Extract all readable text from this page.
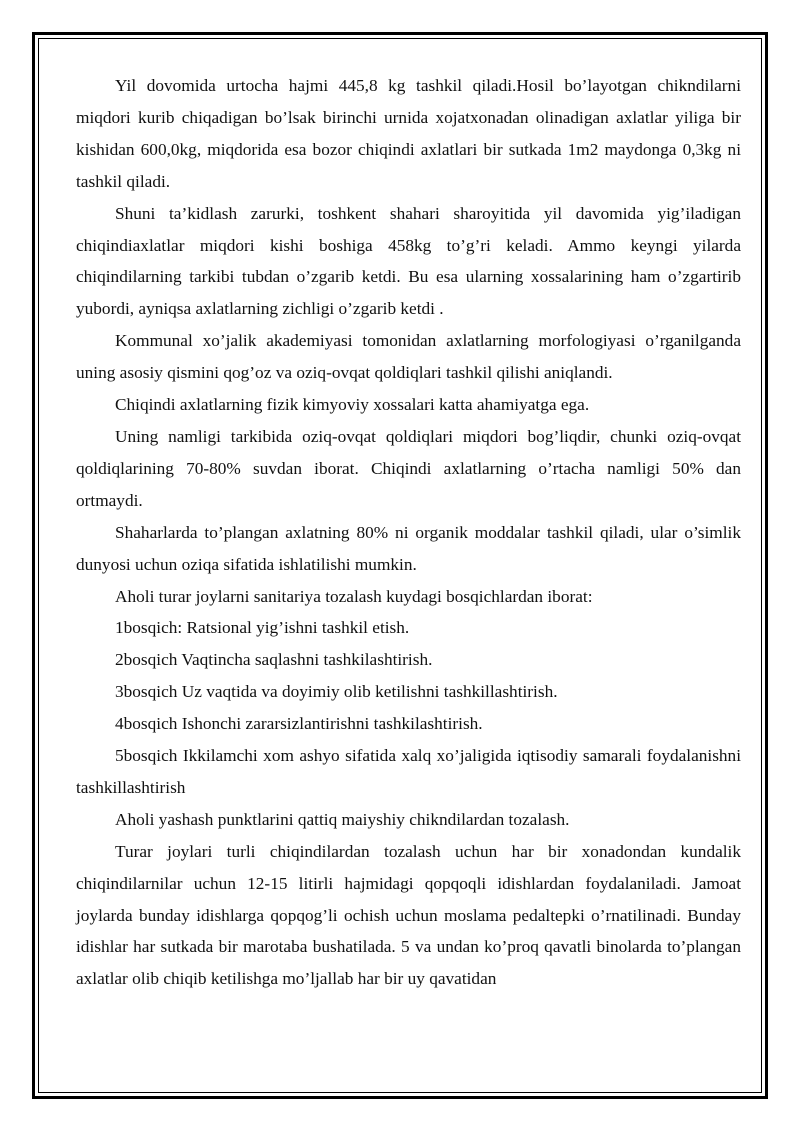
Yil dovomida urtocha hajmi 445,8 kg tashkil qiladi.Hosil bo’layotgan chikndilarni miqdori kurib chiqadigan bo’lsak birinchi urnida xojatxonadan olinadigan axlatlar yiliga bir kishidan 600,0kg, miqdorida esa bozor chiqindi axlatlari bir sutkada 1m2 maydonga 0,3kg ni tashkil qiladi.

Shuni ta’kidlash zarurki, toshkent shahari sharoyitida yil davomida yig’iladigan chiqindiaxlatlar miqdori kishi boshiga 458kg to’g’ri keladi. Ammo keyngi yilarda chiqindilarning tarkibi tubdan o’zgarib ketdi. Bu esa ularning xossalarining ham o’zgartirib yubordi, ayniqsa axlatlarning zichligi o’zgarib ketdi .

Kommunal xo’jalik akademiyasi tomonidan axlatlarning morfologiyasi o’rganilganda uning asosiy qismini qog’oz va oziq-ovqat qoldiqlari tashkil qilishi aniqlandi.

Chiqindi axlatlarning fizik kimyoviy xossalari katta ahamiyatga ega.

Uning namligi tarkibida oziq-ovqat qoldiqlari miqdori bog’liqdir, chunki oziq-ovqat qoldiqlarining 70-80% suvdan iborat. Chiqindi axlatlarning o’rtacha namligi 50% dan ortmaydi.

Shaharlarda to’plangan axlatning 80% ni organik moddalar tashkil qiladi, ular o’simlik dunyosi uchun oziqa sifatida ishlatilishi mumkin.

Aholi turar joylarni sanitariya tozalash kuydagi bosqichlardan iborat:

1bosqich: Ratsional yig’ishni tashkil etish.

2bosqich Vaqtincha saqlashni tashkilashtirish.

3bosqich Uz vaqtida va doyimiy olib ketilishni tashkillashtirish.

4bosqich Ishonchi zararsizlantirishni tashkilashtirish.

5bosqich Ikkilamchi xom ashyo sifatida xalq xo’jaligida iqtisodiy samarali foydalanishni tashkillashtirish

Aholi yashash punktlarini qattiq maiyshiy chikndilardan tozalash.

Turar joylari turli chiqindilardan tozalash uchun har bir xonadondan kundalik chiqindilarnilar uchun 12-15 litirli hajmidagi qopqoqli idishlardan foydalaniladi. Jamoat joylarda bunday idishlarga qopqog’li ochish uchun moslama pedaltepki o’rnatilinadi. Bunday idishlar har sutkada bir marotaba bushatilada. 5 va undan ko’proq qavatli binolarda to’plangan axlatlar olib chiqib ketilishga mo’ljallab har bir uy qavatidan
